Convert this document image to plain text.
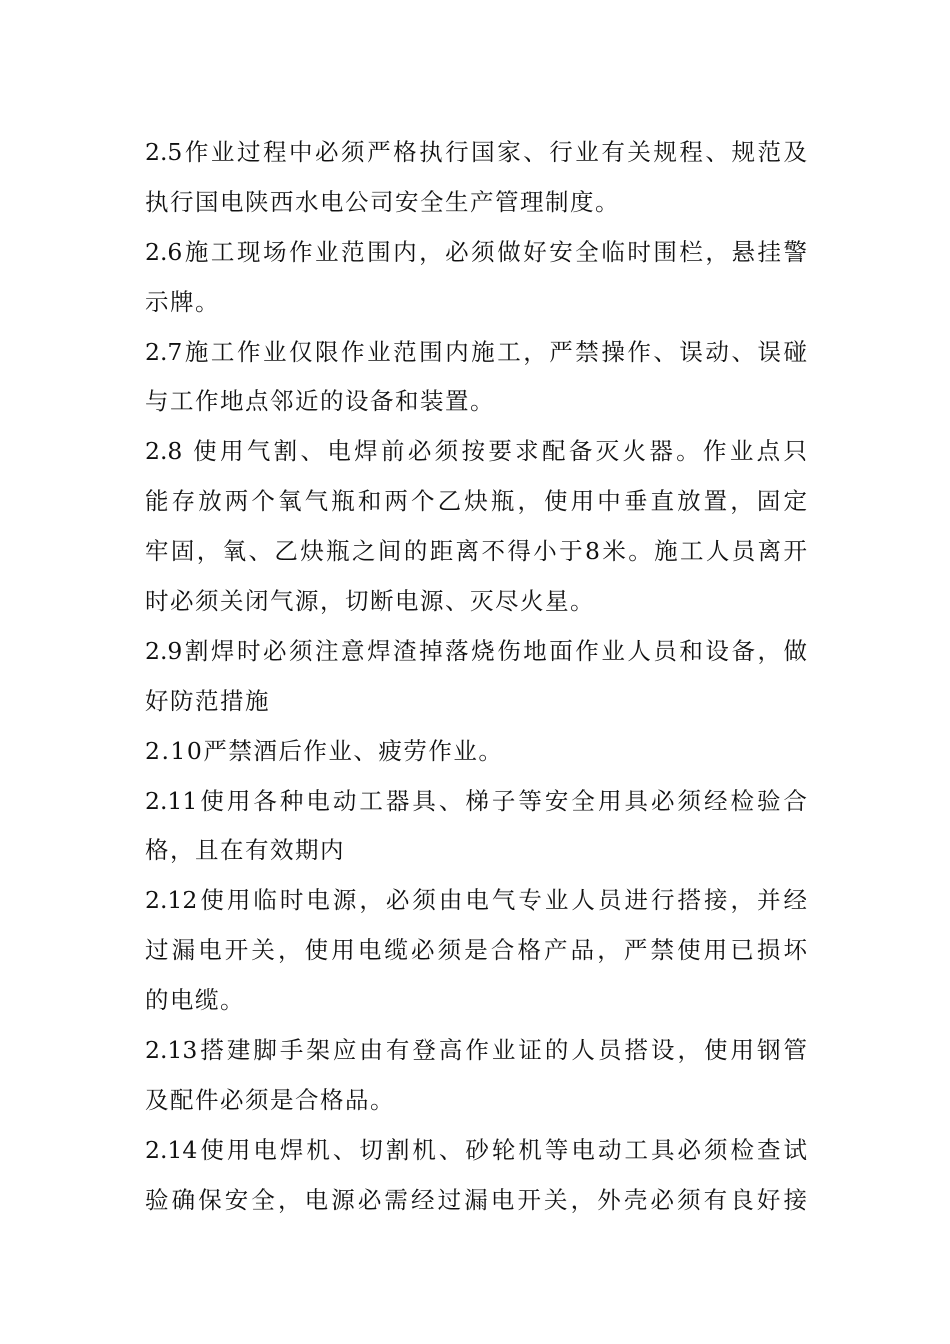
2.5作业过程中必须严格执行国家、行业有关规程、规范及
执行国电陕西水电公司安全生产管理制度。
2.6施工现场作业范围内，必须做好安全临时围栏，悬挂警
示牌。
2.7施工作业仅限作业范围内施工，严禁操作、误动、误碰
与工作地点邻近的设备和装置。
2.8 使用气割、电焊前必须按要求配备灭火器。作业点只
能存放两个氧气瓶和两个乙炔瓶，使用中垂直放置，固定
牢固，氧、乙炔瓶之间的距离不得小于8米。施工人员离开
时必须关闭气源，切断电源、灭尽火星。
2.9割焊时必须注意焊渣掉落烧伤地面作业人员和设备，做
好防范措施
2.10严禁酒后作业、疲劳作业。
2.11使用各种电动工器具、梯子等安全用具必须经检验合
格，且在有效期内
2.12使用临时电源，必须由电气专业人员进行搭接，并经
过漏电开关，使用电缆必须是合格产品，严禁使用已损坏
的电缆。
2.13搭建脚手架应由有登高作业证的人员搭设，使用钢管
及配件必须是合格品。
2.14使用电焊机、切割机、砂轮机等电动工具必须检查试
验确保安全，电源必需经过漏电开关，外壳必须有良好接
